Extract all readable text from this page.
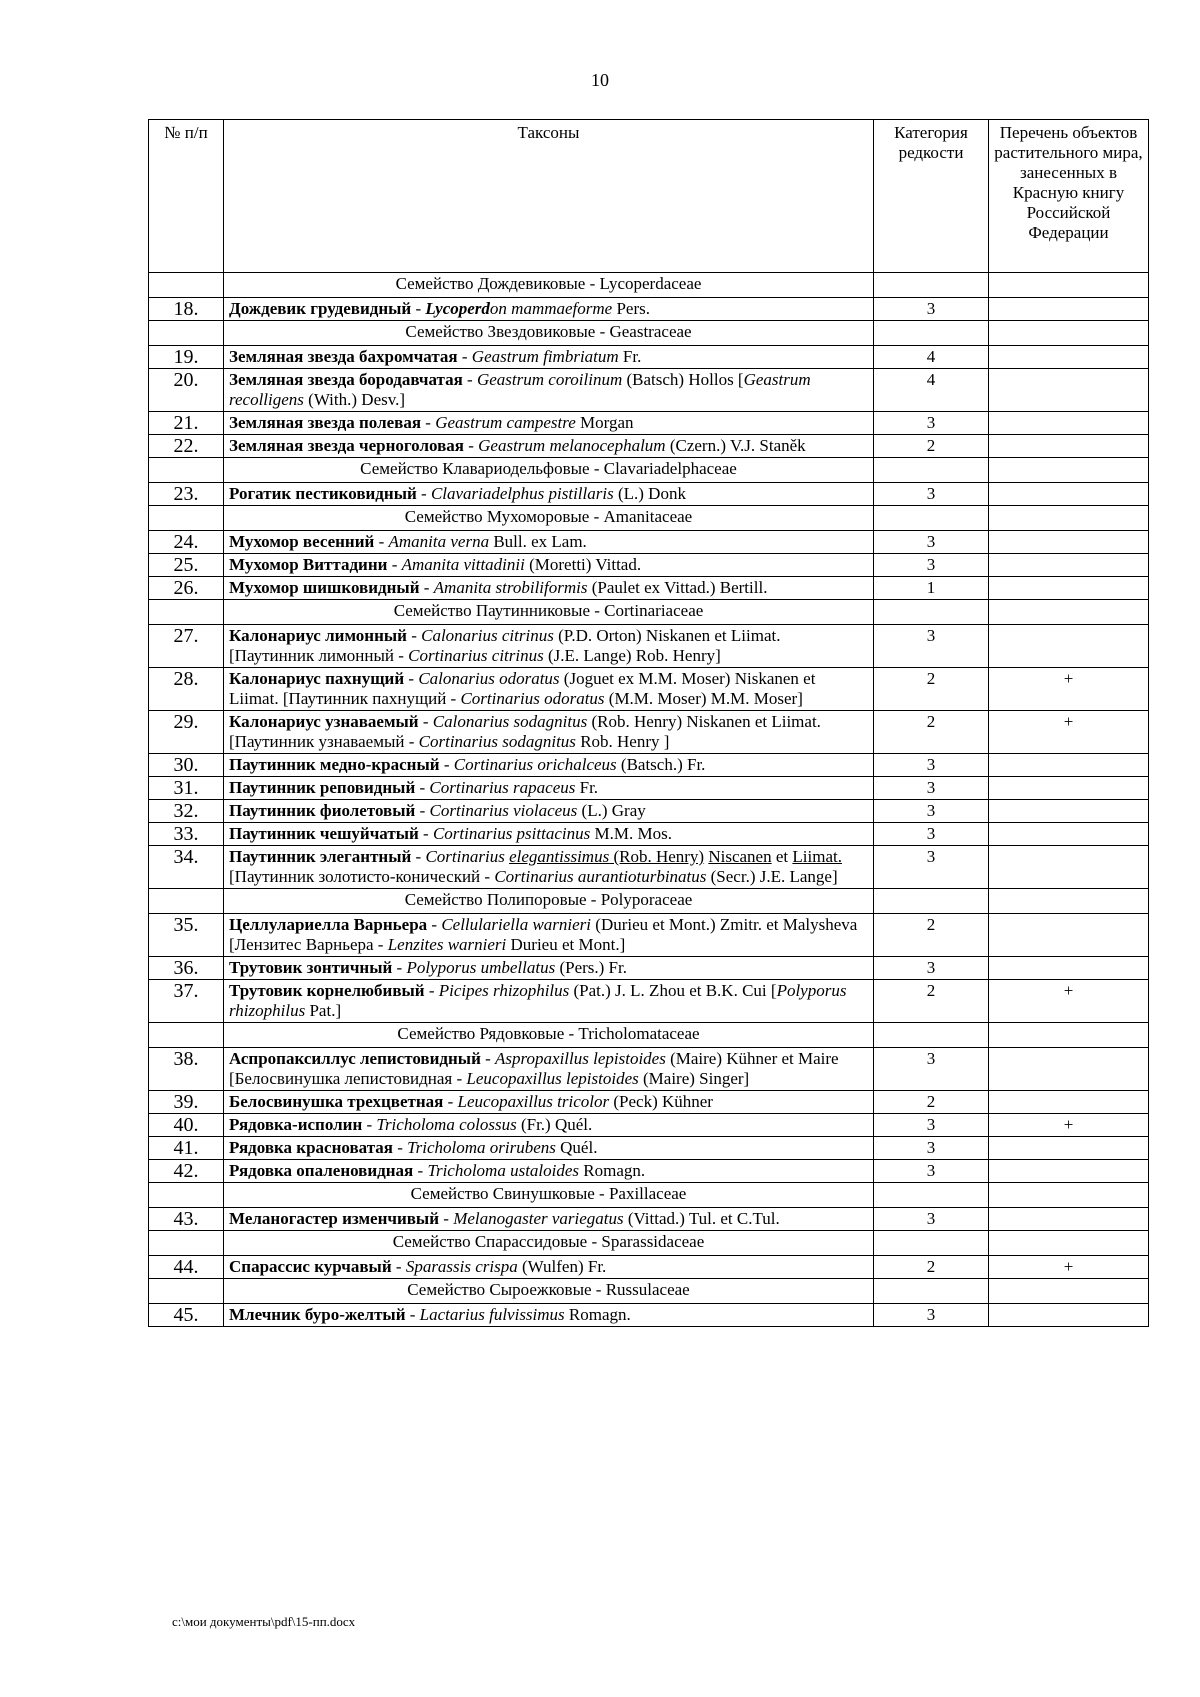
10
№ п/п	Таксоны	Категория редкости	Перечень объектов растительного мира, занесенных в Красную книгу Российской Федерации
	Семейство Дождевиковые - Lycoperdaceae		
18.	Дождевик грудевидный - Lycoperdon mammaeforme Pers.	3	
	Семейство Звездовиковые - Geastraceae		
19.	Земляная звезда бахромчатая - Geastrum fimbriatum Fr.	4	
20.	Земляная звезда бородавчатая - Geastrum coroilinum (Batsch) Hollos [Geastrum recolligens (With.) Desv.]	4	
21.	Земляная звезда полевая - Geastrum campestre Morgan	3	
22.	Земляная звезда черноголовая - Geastrum melanocephalum (Czern.) V.J. Staněk	2	
	Семейство Клавариодельфовые - Clavariadelphaceae		
23.	Рогатик пестиковидный - Clavariadelphus pistillaris (L.) Donk	3	
	Семейство Мухоморовые - Amanitaceae		
24.	Мухомор весенний - Amanita verna Bull. ex Lam.	3	
25.	Мухомор Виттадини - Amanita vittadinii (Moretti) Vittad.	3	
26.	Мухомор шишковидный - Amanita strobiliformis (Paulet ex Vittad.) Bertill.	1	
	Семейство Паутинниковые - Cortinariaceae		
27.	Калонариус лимонный - Calonarius citrinus (P.D. Orton) Niskanen et Liimat. [Паутинник лимонный - Cortinarius citrinus (J.E. Lange) Rob. Henry]	3	
28.	Калонариус пахнущий - Calonarius odoratus (Joguet ex M.M. Moser) Niskanen et Liimat. [Паутинник пахнущий - Cortinarius odoratus (M.M. Moser) M.M. Moser]	2	+
29.	Калонариус узнаваемый - Calonarius sodagnitus (Rob. Henry) Niskanen et Liimat. [Паутинник узнаваемый - Cortinarius sodagnitus Rob. Henry ]	2	+
30.	Паутинник медно-красный - Cortinarius orichalceus (Batsch.) Fr.	3	
31.	Паутинник реповидный - Cortinarius rapaceus Fr.	3	
32.	Паутинник фиолетовый - Cortinarius violaceus (L.) Gray	3	
33.	Паутинник чешуйчатый - Cortinarius psittacinus M.M. Mos.	3	
34.	Паутинник элегантный - Cortinarius elegantissimus (Rob. Henry) Niscanen et Liimat. [Паутинник золотисто-конический - Cortinarius aurantioturbinatus (Secr.) J.E. Lange]	3	
	Семейство Полипоровые - Polyporaceae		
35.	Целлулариелла Варньера - Cellulariella warnieri (Durieu et Mont.) Zmitr. et Malysheva [Лензитес Варньера - Lenzites warnieri Durieu et Mont.]	2	
36.	Трутовик зонтичный - Polyporus umbellatus (Pers.) Fr.	3	
37.	Трутовик корнелюбивый - Picipes rhizophilus (Pat.) J. L. Zhou et B.K. Cui [Polyporus rhizophilus Pat.]	2	+
	Семейство Рядовковые - Tricholomataceae		
38.	Аспропаксиллус лепистовидный - Aspropaxillus lepistoides (Maire) Kühner et Maire [Белосвинушка лепистовидная - Leucopaxillus lepistoides (Maire) Singer]	3	
39.	Белосвинушка трехцветная - Leucopaxillus tricolor (Peck) Kühner	2	
40.	Рядовка-исполин - Tricholoma colossus (Fr.) Quél.	3	+
41.	Рядовка красноватая - Tricholoma orirubens Quél.	3	
42.	Рядовка опаленовидная - Tricholoma ustaloides Romagn.	3	
	Семейство Свинушковые - Paxillaceae		
43.	Меланогастер изменчивый - Melanogaster variegatus (Vittad.) Tul. et C.Tul.	3	
	Семейство Спарассидовые - Sparassidaceae		
44.	Спарассис курчавый - Sparassis crispa (Wulfen) Fr.	2	+
	Семейство Сыроежковые - Russulaceae		
45.	Млечник буро-желтый - Lactarius fulvissimus Romagn.	3	
c:\мои документы\pdf\15-пп.docx
